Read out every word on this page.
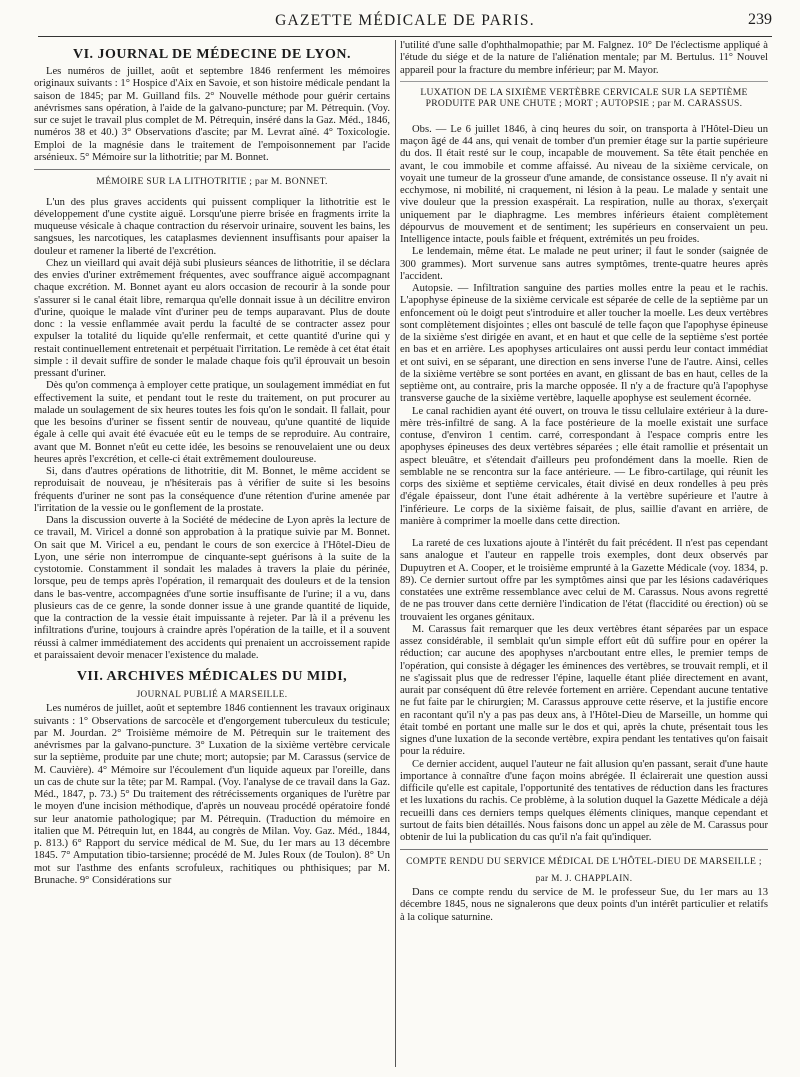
GAZETTE MÉDICALE DE PARIS.	239
VI. JOURNAL DE MÉDECINE DE LYON.

Les numéros de juillet, août et septembre 1846 renferment les mémoires originaux suivants : 1° Hospice d'Aix en Savoie, et son histoire médicale pendant la saison de 1845; par M. Guilland fils. 2° Nouvelle méthode pour guérir certains anévrismes sans opération, à l'aide de la galvano-puncture; par M. Pétrequin. (Voy. sur ce sujet le travail plus complet de M. Pétrequin, inséré dans la Gaz. Méd., 1846, numéros 38 et 40.) 3° Observations d'ascite; par M. Levrat aîné. 4° Toxicologie. Emploi de la magnésie dans le traitement de l'empoisonnement par l'acide arsénieux. 5° Mémoire sur la lithotritie; par M. Bonnet.

MÉMOIRE SUR LA LITHOTRITIE ; par M. BONNET.

L'un des plus graves accidents qui puissent compliquer la lithotritie est le développement d'une cystite aiguë. Lorsqu'une pierre brisée en fragments irrite la muqueuse vésicale à chaque contraction du réservoir urinaire, souvent les bains, les sangsues, les narcotiques, les cataplasmes deviennent insuffisants pour apaiser la douleur et ramener la liberté de l'excrétion.

Chez un vieillard qui avait déjà subi plusieurs séances de lithotritie, il se déclara des envies d'uriner extrêmement fréquentes, avec souffrance aiguë accompagnant chaque excrétion. M. Bonnet ayant eu alors occasion de recourir à la sonde pour s'assurer si le canal était libre, remarqua qu'elle donnait issue à un décilitre environ d'urine, quoique le malade vînt d'uriner peu de temps auparavant. Plus de doute donc : la vessie enflammée avait perdu la faculté de se contracter assez pour expulser la totalité du liquide qu'elle renfermait, et cette quantité d'urine qui y restait continuellement entretenait et perpétuait l'irritation. Le remède à cet état était simple : il devait suffire de sonder le malade chaque fois qu'il éprouvait un besoin pressant d'uriner.

Dès qu'on commença à employer cette pratique, un soulagement immédiat en fut effectivement la suite, et pendant tout le reste du traitement, on put procurer au malade un soulagement de six heures toutes les fois qu'on le sondait. Il fallait, pour que les besoins d'uriner se fissent sentir de nouveau, qu'une quantité de liquide égale à celle qui avait été évacuée eût eu le temps de se reproduire. Au contraire, avant que M. Bonnet n'eût eu cette idée, les besoins se renouvelaient une ou deux heures après l'excrétion, et celle-ci était extrêmement douloureuse.

Si, dans d'autres opérations de lithotritie, dit M. Bonnet, le même accident se reproduisait de nouveau, je n'hésiterais pas à vérifier de suite si les besoins fréquents d'uriner ne sont pas la conséquence d'une rétention d'urine amenée par l'irritation de la vessie ou le gonflement de la prostate.

Dans la discussion ouverte à la Société de médecine de Lyon après la lecture de ce travail, M. Viricel a donné son approbation à la pratique suivie par M. Bonnet. On sait que M. Viricel a eu, pendant le cours de son exercice à l'Hôtel-Dieu de Lyon, une série non interrompue de cinquante-sept guérisons à la suite de la cystotomie. Constamment il sondait les malades à travers la plaie du périnée, lorsque, peu de temps après l'opération, il remarquait des douleurs et de la tension dans le bas-ventre, accompagnées d'une sortie insuffisante de l'urine; il a vu, dans plusieurs cas de ce genre, la sonde donner issue à une grande quantité de liquide, que la contraction de la vessie était impuissante à rejeter. Par là il a prévenu les infiltrations d'urine, toujours à craindre après l'opération de la taille, et il a souvent réussi à calmer immédiatement des accidents qui prenaient un accroissement rapide et paraissaient devoir menacer l'existence du malade.

VII. ARCHIVES MÉDICALES DU MIDI,
JOURNAL PUBLIÉ A MARSEILLE.

Les numéros de juillet, août et septembre 1846 contiennent les travaux originaux suivants : 1° Observations de sarcocèle et d'engorgement tuberculeux du testicule; par M. Jourdan. 2° Troisième mémoire de M. Pétrequin sur le traitement des anévrismes par la galvano-puncture. 3° Luxation de la sixième vertèbre cervicale sur la septième, produite par une chute; mort; autopsie; par M. Carassus (service de M. Cauvière). 4° Mémoire sur l'écoulement d'un liquide aqueux par l'oreille, dans un cas de chute sur la tête; par M. Rampal. (Voy. l'analyse de ce travail dans la Gaz. Méd., 1847, p. 73.) 5° Du traitement des rétrécissements organiques de l'urètre par le moyen d'une incision méthodique, d'après un nouveau procédé opératoire fondé sur leur anatomie pathologique; par M. Pétrequin. (Traduction du mémoire en italien que M. Pétrequin lut, en 1844, au congrès de Milan. Voy. Gaz. Méd., 1844, p. 813.) 6° Rapport du service médical de M. Sue, du 1er mars au 13 décembre 1845. 7° Amputation tibio-tarsienne; procédé de M. Jules Roux (de Toulon). 8° Un mot sur l'asthme des enfants scrofuleux, rachitiques ou phthisiques; par M. Brunache. 9° Considérations sur

l'utilité d'une salle d'ophthalmopathie; par M. Falgnez. 10° De l'éclectisme appliqué à l'étude du siége et de la nature de l'aliénation mentale; par M. Bertulus. 11° Nouvel appareil pour la fracture du membre inférieur; par M. Mayor.

LUXATION DE LA SIXIÈME VERTÈBRE CERVICALE SUR LA SEPTIÈME PRODUITE PAR UNE CHUTE ; MORT ; AUTOPSIE ; par M. CARASSUS.

Obs. — Le 6 juillet 1846, à cinq heures du soir, on transporta à l'Hôtel-Dieu un maçon âgé de 44 ans, qui venait de tomber d'un premier étage sur la partie supérieure du dos. Il était resté sur le coup, incapable de mouvement. Sa tête était penchée en avant, le cou immobile et comme affaissé. Au niveau de la sixième cervicale, on voyait une tumeur de la grosseur d'une amande, de consistance osseuse. Il n'y avait ni ecchymose, ni mobilité, ni craquement, ni lésion à la peau. Le malade y sentait une vive douleur que la pression exaspérait. La respiration, nulle au thorax, s'exerçait uniquement par le diaphragme. Les membres inférieurs étaient complètement dépourvus de mouvement et de sentiment; les supérieurs en conservaient un peu. Intelligence intacte, pouls faible et fréquent, extrémités un peu froides.

Le lendemain, même état. Le malade ne peut uriner; il faut le sonder (saignée de 300 grammes). Mort survenue sans autres symptômes, trente-quatre heures après l'accident.

Autopsie. — Infiltration sanguine des parties molles entre la peau et le rachis. L'apophyse épineuse de la sixième cervicale est séparée de celle de la septième par un enfoncement où le doigt peut s'introduire et aller toucher la moelle. Les deux vertèbres sont complètement disjointes ; elles ont basculé de telle façon que l'apophyse épineuse de la sixième s'est dirigée en avant, et en haut et que celle de la septième s'est portée en bas et en arrière. Les apophyses articulaires ont aussi perdu leur contact immédiat et ont suivi, en se séparant, une direction en sens inverse l'une de l'autre. Ainsi, celles de la sixième vertèbre se sont portées en avant, en glissant de bas en haut, celles de la septième ont, au contraire, pris la marche opposée. Il n'y a de fracture qu'à l'apophyse transverse gauche de la sixième vertèbre, laquelle apophyse est seulement écornée.

Le canal rachidien ayant été ouvert, on trouva le tissu cellulaire extérieur à la dure-mère très-infiltré de sang. A la face postérieure de la moelle existait une surface contuse, d'environ 1 centim. carré, correspondant à l'espace compris entre les apophyses épineuses des deux vertèbres séparées ; elle était ramollie et présentait un aspect bleuâtre, et s'étendait d'ailleurs peu profondément dans la moelle. Rien de semblable ne se rencontra sur la face antérieure. — Le fibro-cartilage, qui réunit les corps des sixième et septième cervicales, était divisé en deux rondelles à peu près d'égale épaisseur, dont l'une était adhérente à la vertèbre supérieure et l'autre à l'inférieure. Le corps de la sixième faisait, de plus, saillie d'avant en arrière, de manière à comprimer la moelle dans cette direction.

La rareté de ces luxations ajoute à l'intérêt du fait précédent. Il n'est pas cependant sans analogue et l'auteur en rappelle trois exemples, dont deux observés par Dupuytren et A. Cooper, et le troisième emprunté à la Gazette Médicale (voy. 1834, p. 89). Ce dernier surtout offre par les symptômes ainsi que par les lésions cadavériques constatées une extrême ressemblance avec celui de M. Carassus. Nous avons regretté de ne pas trouver dans cette dernière l'indication de l'état (flaccidité ou érection) où se trouvaient les organes génitaux.

M. Carassus fait remarquer que les deux vertèbres étant séparées par un espace assez considérable, il semblait qu'un simple effort eût dû suffire pour en opérer la réduction; car aucune des apophyses n'arcboutant entre elles, le premier temps de l'opération, qui consiste à dégager les éminences des vertèbres, se trouvait rempli, et il ne s'agissait plus que de redresser l'épine, laquelle étant pliée directement en avant, aurait par conséquent dû être relevée fortement en arrière. Cependant aucune tentative ne fut faite par le chirurgien; M. Carassus approuve cette réserve, et la justifie encore en racontant qu'il n'y a pas pas deux ans, à l'Hôtel-Dieu de Marseille, un homme qui était tombé en portant une malle sur le dos et qui, après la chute, présentait tous les signes d'une luxation de la seconde vertèbre, expira pendant les tentatives qu'on faisait pour la réduire.

Ce dernier accident, auquel l'auteur ne fait allusion qu'en passant, serait d'une haute importance à connaître d'une façon moins abrégée. Il éclairerait une question aussi difficile qu'elle est capitale, l'opportunité des tentatives de réduction dans les fractures et les luxations du rachis. Ce problème, à la solution duquel la Gazette Médicale a déjà recueilli dans ces derniers temps quelques éléments cliniques, manque cependant et surtout de faits bien détaillés. Nous faisons donc un appel au zèle de M. Carassus pour obtenir de lui la publication du cas qu'il n'a fait qu'indiquer.

COMPTE RENDU DU SERVICE MÉDICAL DE L'HÔTEL-DIEU DE MARSEILLE ;
par M. J. CHAPPLAIN.

Dans ce compte rendu du service de M. le professeur Sue, du 1er mars au 13 décembre 1845, nous ne signalerons que deux points d'un intérêt particulier et relatifs à la colique saturnine.
